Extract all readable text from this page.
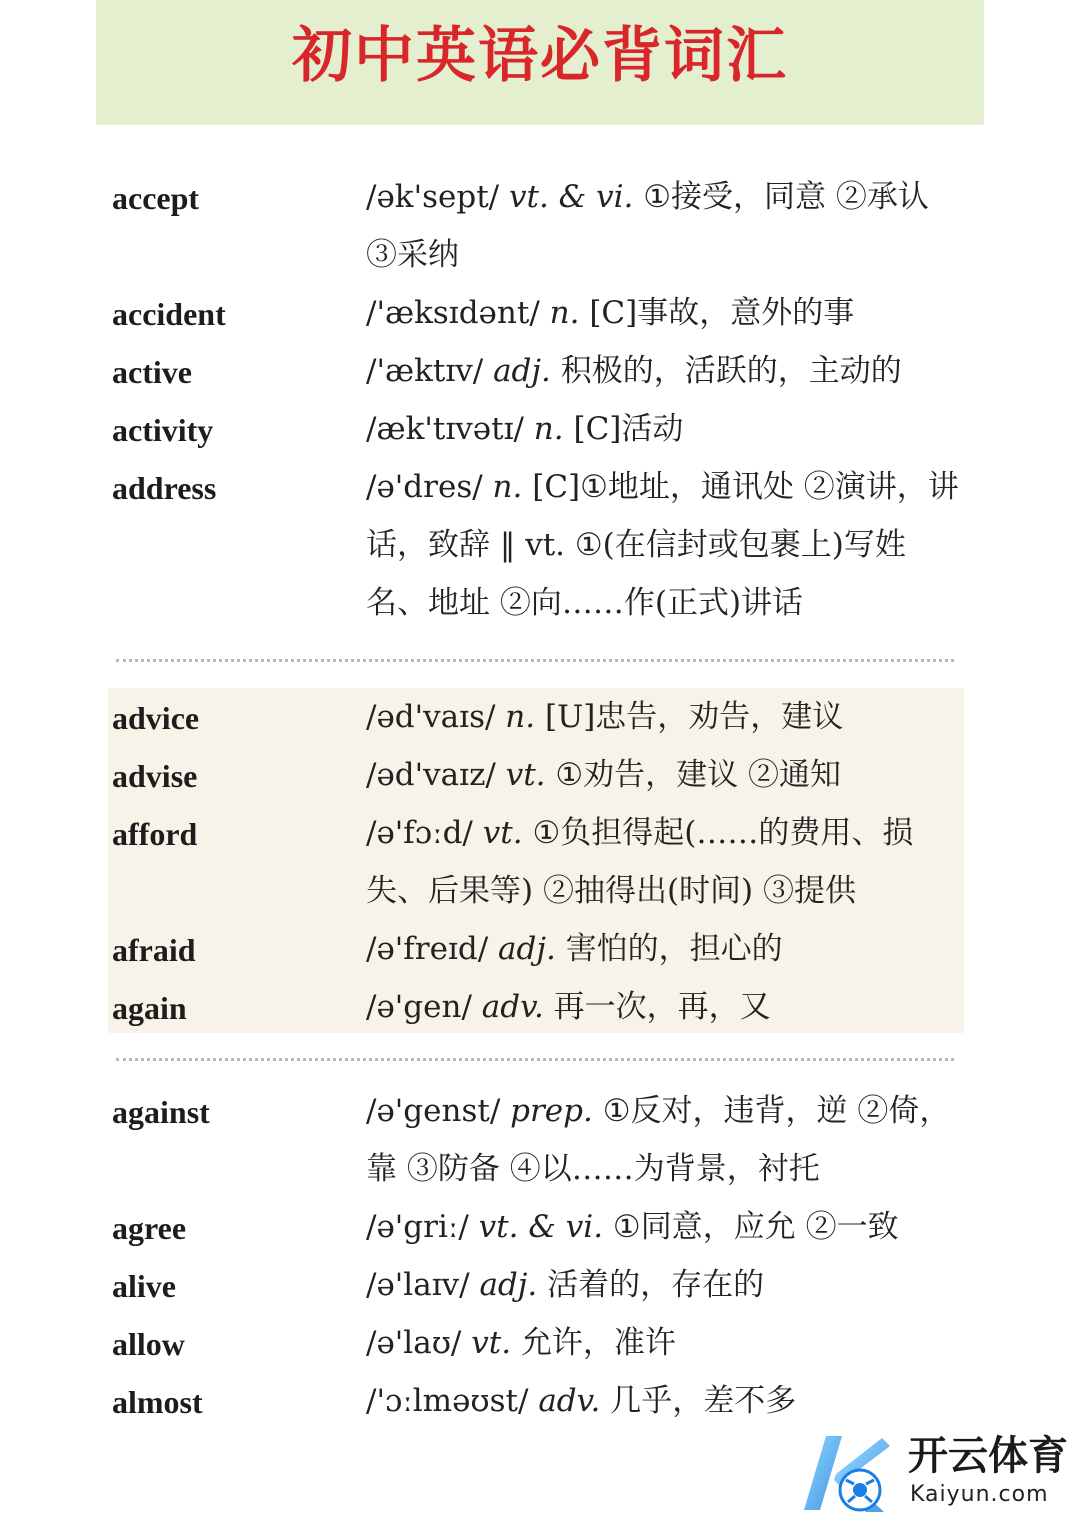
初中英语必背词汇
accept	/ək'sept/ vt. & vi. ①接受，同意 ②承认 ③采纳
accident	/'æksɪdənt/ n. [C]事故，意外的事
active	/'æktɪv/ adj. 积极的，活跃的，主动的
activity	/æk'tɪvətɪ/ n. [C]活动
address	/ə'dres/ n. [C]①地址，通讯处 ②演讲，讲话，致辞 ‖ vt. ①(在信封或包裹上)写姓名、地址 ②向……作(正式)讲话
advice	/əd'vaɪs/ n. [U]忠告，劝告，建议
advise	/əd'vaɪz/ vt. ①劝告，建议 ②通知
afford	/ə'fɔːd/ vt. ①负担得起(……的费用、损失、后果等) ②抽得出(时间) ③提供
afraid	/ə'freɪd/ adj. 害怕的，担心的
again	/ə'gen/ adv. 再一次，再，又
against	/ə'genst/ prep. ①反对，违背，逆 ②倚，靠 ③防备 ④以……为背景，衬托
agree	/ə'griː/ vt. & vi. ①同意，应允 ②一致
alive	/ə'laɪv/ adj. 活着的，存在的
allow	/ə'laʊ/ vt. 允许，准许
almost	/'ɔːlməʊst/ adv. 几乎，差不多
开云体育
Kaiyun.com
